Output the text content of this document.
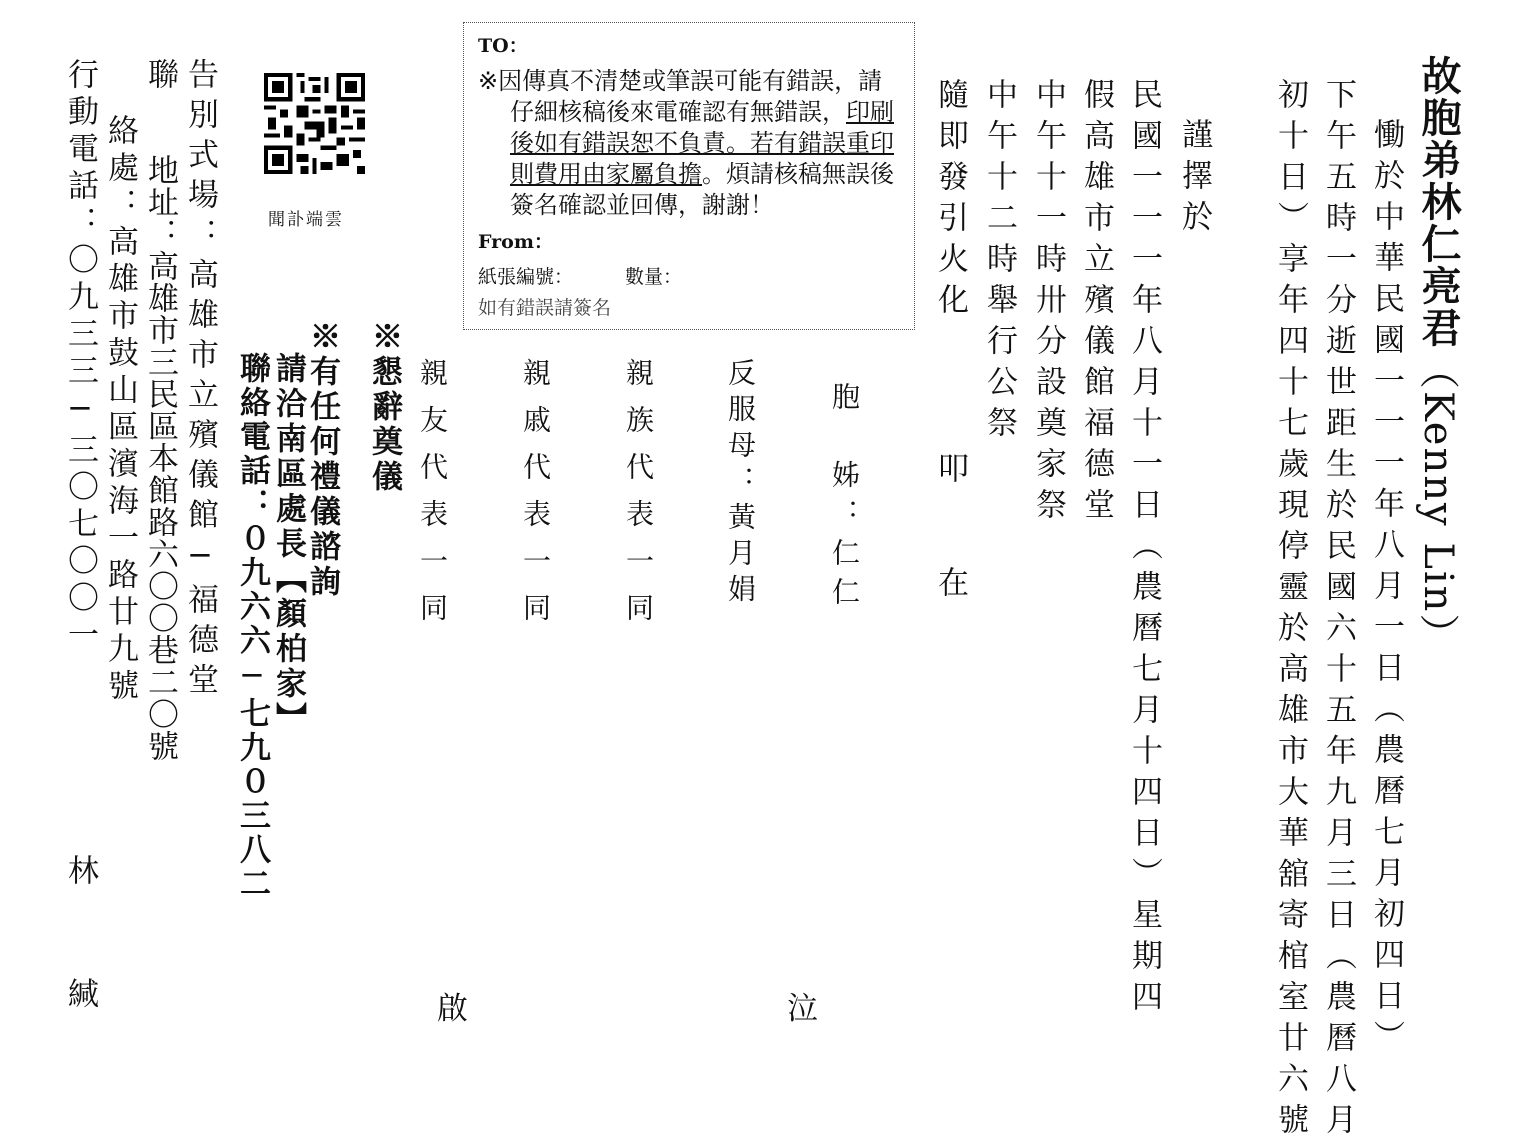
故胞弟林仁亮君（Kenny Lin）
慟於中華民國一一一年八月一日（農曆七月初四日）
下午五時一分逝世距生於民國六十五年九月三日（農曆八月
初十日）享年四十七歲現停靈於高雄市大華舘寄棺室廿六號
謹擇於
民國一一一年八月十一日（農曆七月十四日）星期四
假高雄市立殯儀館福德堂
中午十一時卅分設奠家祭
中午十二時舉行公祭
隨即發引火化
叩
在
胞　姊：仁仁
反服母：黃月娟
親族代表一同
親戚代表一同
親友代表一同
TO：
※因傳真不清楚或筆誤可能有錯誤，請仔細核稿後來電確認有無錯誤，印刷後如有錯誤恕不負責。若有錯誤重印則費用由家屬負擔。煩請核稿無誤後簽名確認並回傳，謝謝！
From：
紙張編號：	數量：
如有錯誤請簽名
※懇辭奠儀
※有任何禮儀諮詢
請洽南區處長【顏柏家】
聯絡電話：０九六六─七九０三八二
聞訃端雲
告別式場：高雄市立殯儀館─福德堂
聯　　地址：高雄市三民區本館路六〇〇巷二〇號
絡處：高雄市鼓山區濱海一路廿九號
行動電話：〇九三三─三〇七〇〇一
林　　緘	泣
啟
